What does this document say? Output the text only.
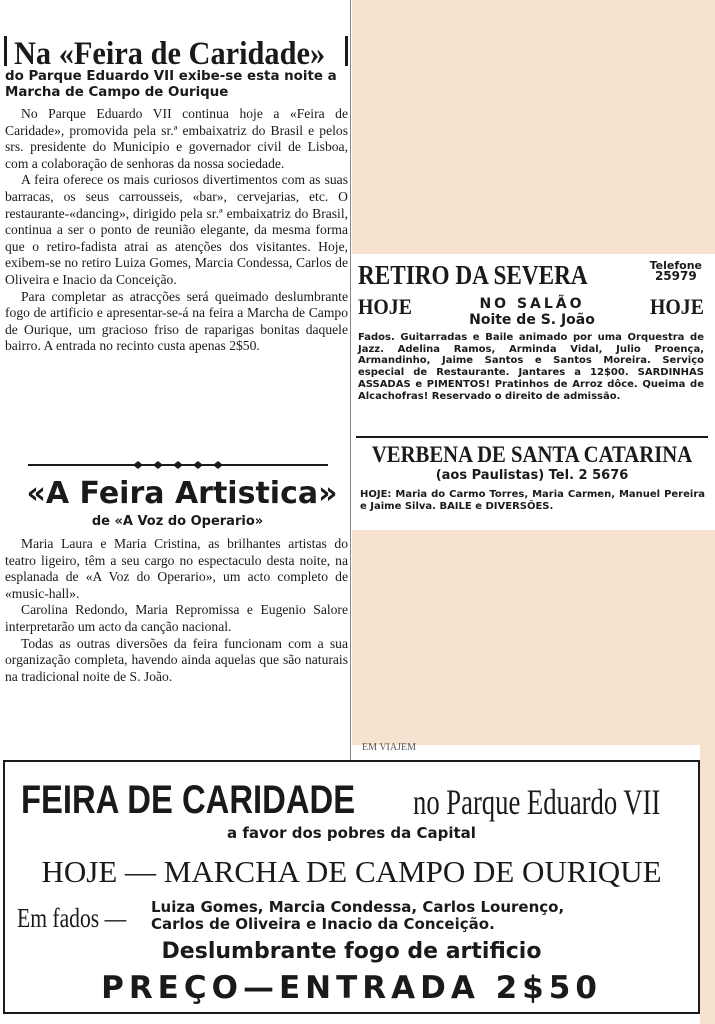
Na «Feira de Caridade»
do Parque Eduardo VII exibe-se esta noite a Marcha de Campo de Ourique

No Parque Eduardo VII continua hoje a «Feira de Caridade», promovida pela sr.ª embaixatriz do Brasil e pelos srs. presidente do Municipio e governador civil de Lisboa, com a colaboração de senhoras da nossa sociedade.

A feira oferece os mais curiosos divertimentos com as suas barracas, os seus carrousseis, «bar», cervejarias, etc. O restaurante-«dancing», dirigido pela sr.ª embaixatriz do Brasil, continua a ser o ponto de reunião elegante, da mesma forma que o retiro-fadista atrai as atenções dos visitantes. Hoje, exibem-se no retiro Luiza Gomes, Marcia Condessa, Carlos de Oliveira e Inacio da Conceição.

Para completar as atracções será queimado deslumbrante fogo de artificio e apresentar-se-á na feira a Marcha de Campo de Ourique, um gracioso friso de raparigas bonitas daquele bairro. A entrada no recinto custa apenas 2$50.

«A Feira Artistica»
de «A Voz do Operario»

Maria Laura e Maria Cristina, as brilhantes artistas do teatro ligeiro, têm a seu cargo no espectaculo desta noite, na esplanada de «A Voz do Operario», um acto completo de «music-hall».

Carolina Redondo, Maria Repromissa e Eugenio Salore interpretarão um acto da canção nacional.

Todas as outras diversões da feira funcionam com a sua organização completa, havendo ainda aquelas que são naturais na tradicional noite de S. João.

RETIRO DA SEVERA	Telefone
25979
HOJE	NO SALÃO
Noite de S. João
HOJE
Fados. Guitarradas e Baile animado por uma Orquestra de Jazz. Adelina Ramos, Arminda Vidal, Julio Proença, Armandinho, Jaime Santos e Santos Moreira. Serviço especial de Restaurante. Jantares a 12$00. SARDINHAS ASSADAS e PIMENTOS! Pratinhos de Arroz dôce. Queima de Alcachofras! Reservado o direito de admissão.
VERBENA DE SANTA CATARINA
(aos Paulistas) Tel. 2 5676
HOJE: Maria do Carmo Torres, Maria Carmen, Manuel Pereira e Jaime Silva. BAILE e DIVERSÕES.
EM VIAJEM
FEIRA DE CARIDADE no Parque Eduardo VII
a favor dos pobres da Capital
HOJE — MARCHA DE CAMPO DE OURIQUE
Em fados — Luiza Gomes, Marcia Condessa, Carlos Lourenço,
Carlos de Oliveira e Inacio da Conceição.
Deslumbrante fogo de artificio
PREÇO—ENTRADA 2$50
